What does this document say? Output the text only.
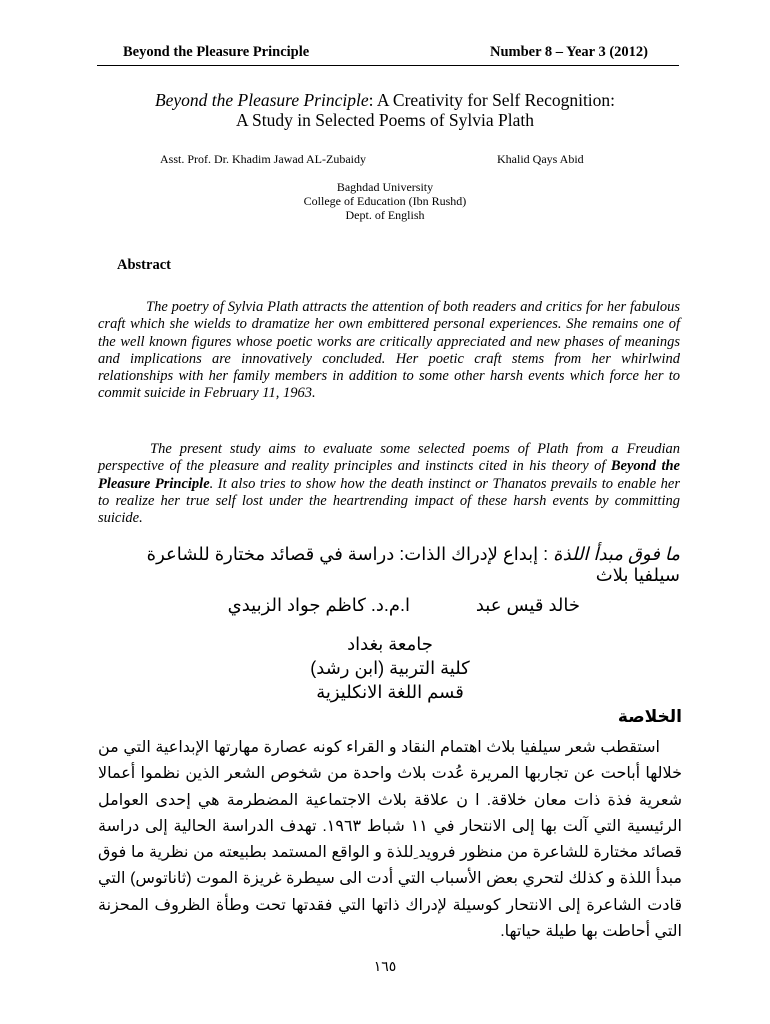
Beyond the Pleasure Principle	Number 8 – Year 3 (2012)
Beyond the Pleasure Principle: A Creativity for Self Recognition:
A Study in Selected Poems of Sylvia Plath
Asst. Prof. Dr. Khadim Jawad AL-Zubaidy	Khalid Qays Abid
Baghdad University
College of Education (Ibn Rushd)
Dept. of English
Abstract

The poetry of Sylvia Plath attracts the attention of both readers and critics for her fabulous craft which she wields to dramatize her own embittered personal experiences. She remains one of the well known figures whose poetic works are critically appreciated and new phases of meanings and implications are innovatively concluded. Her poetic craft stems from her whirlwind relationships with her family members in addition to some other harsh events which force her to commit suicide in February 11, 1963.

The present study aims to evaluate some selected poems of Plath from a Freudian perspective of the pleasure and reality principles and instincts cited in his theory of Beyond the Pleasure Principle. It also tries to show how the death instinct or Thanatos prevails to enable her to realize her true self lost under the heartrending impact of these harsh events by committing suicide.

ما فوق مبدأ اللذة : إبداع لإدراك الذات: دراسة في قصائد مختارة للشاعرة سيلفيا بلاث
خالد قيس عبد
ا.م.د. كاظم جواد الزبيدي
جامعة بغداد
كلية التربية (ابن رشد)
قسم اللغة الانكليزية
الخلاصة

استقطب شعر سيلفيا بلاث اهتمام النقاد و القراء كونه عصارة مهارتها الإبداعية التي من خلالها أباحت عن تجاربها المريرة عُدت بلاث واحدة من شخوص الشعر الذين نظموا أعمالا شعرية فذة ذات معان خلاقة. ا ن علاقة بلاث الاجتماعية المضطرمة هي إحدى العوامل الرئيسية التي آلت بها إلى الانتحار في ١١ شباط ١٩٦٣. تهدف الدراسة الحالية إلى دراسة قصائد مختارة للشاعرة من منظور فرويد ِللذة و الواقع المستمد بطبيعته من نظرية ما فوق مبدأ اللذة و كذلك لتحري بعض الأسباب التي أدت الى سيطرة غريزة الموت (ثاناتوس) التي قادت الشاعرة إلى الانتحار كوسيلة لإدراك ذاتها التي فقدتها تحت وطأة الظروف المحزنة التي أحاطت بها طيلة حياتها.

١٦٥
